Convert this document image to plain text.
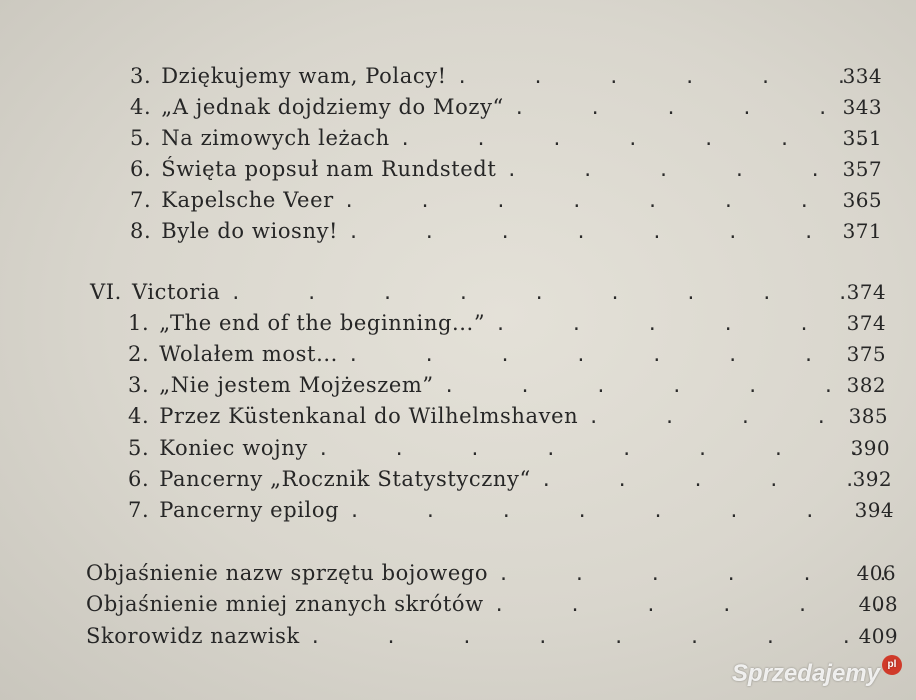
3. Dziękujemy wam, Polacy! .	334
4. „A jednak dojdziemy do Mozy“ .	343
5. Na zimowych leżach .	351
6. Święta popsuł nam Rundstedt .	357
7. Kapelsche Veer .	365
8. Byle do wiosny! .	371
VI. Victoria .	374
1. „The end of the beginning...” .	374
2. Wolałem most... .	375
3. „Nie jestem Mojżeszem” .	382
4. Przez Küstenkanal do Wilhelmshaven .	385
5. Koniec wojny .	390
6. Pancerny „Rocznik Statystyczny“ .	392
7. Pancerny epilog .	394
Objaśnienie nazw sprzętu bojowego .	406
Objaśnienie mniej znanych skrótów .	408
Skorowidz nazwisk .	409
Sprzedajemy pl
